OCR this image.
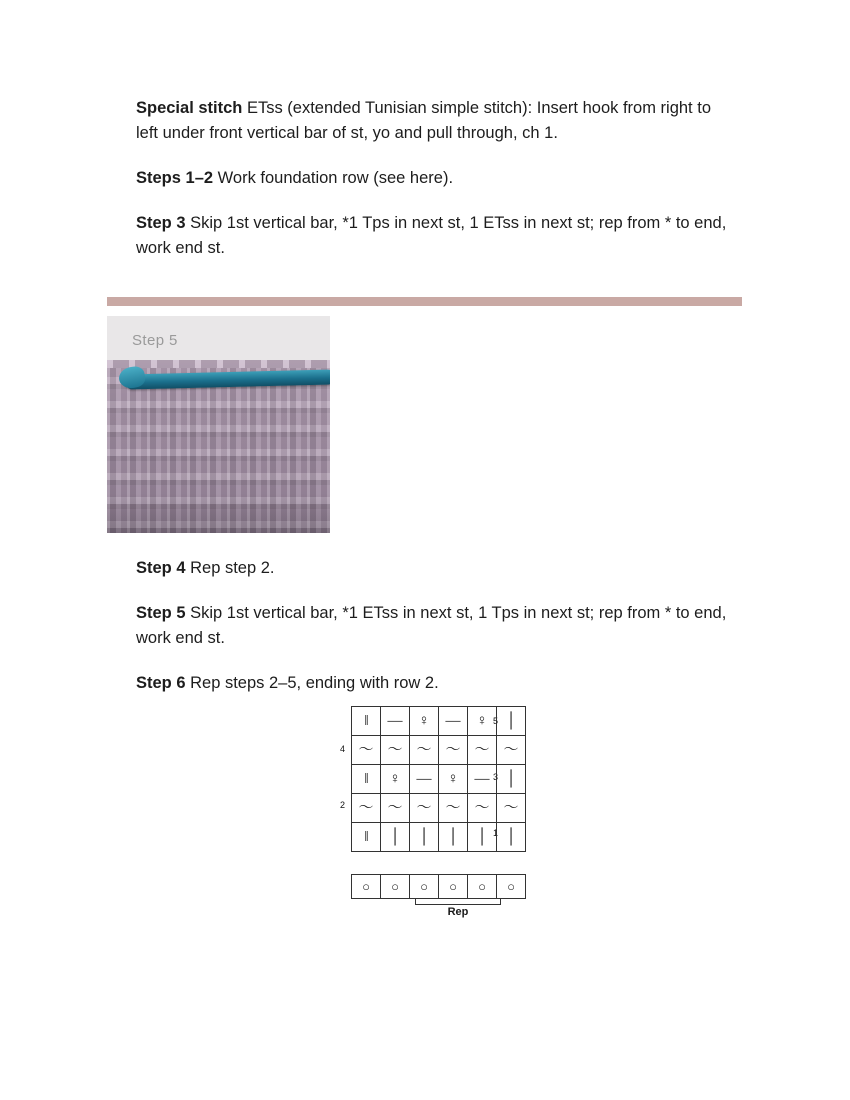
Special stitch ETss (extended Tunisian simple stitch): Insert hook from right to left under front vertical bar of st, yo and pull through, ch 1.

Steps 1–2 Work foundation row (see here).

Step 3 Skip 1st vertical bar, *1 Tps in next st, 1 ETss in next st; rep from * to end, work end st.

Step 5

Step 4 Rep step 2.

Step 5 Skip 1st vertical bar, *1 ETss in next st, 1 Tps in next st; rep from * to end, work end st.

Step 6 Rep steps 2–5, ending with row 2.

5
4
3
2
1
‖	—	♀	—	♀	│
～	～	～	～	～	～
‖	♀	—	♀	—	│
～	～	～	～	～	～
‖	│	│	│	│	│
○	○	○	○	○	○
Rep
